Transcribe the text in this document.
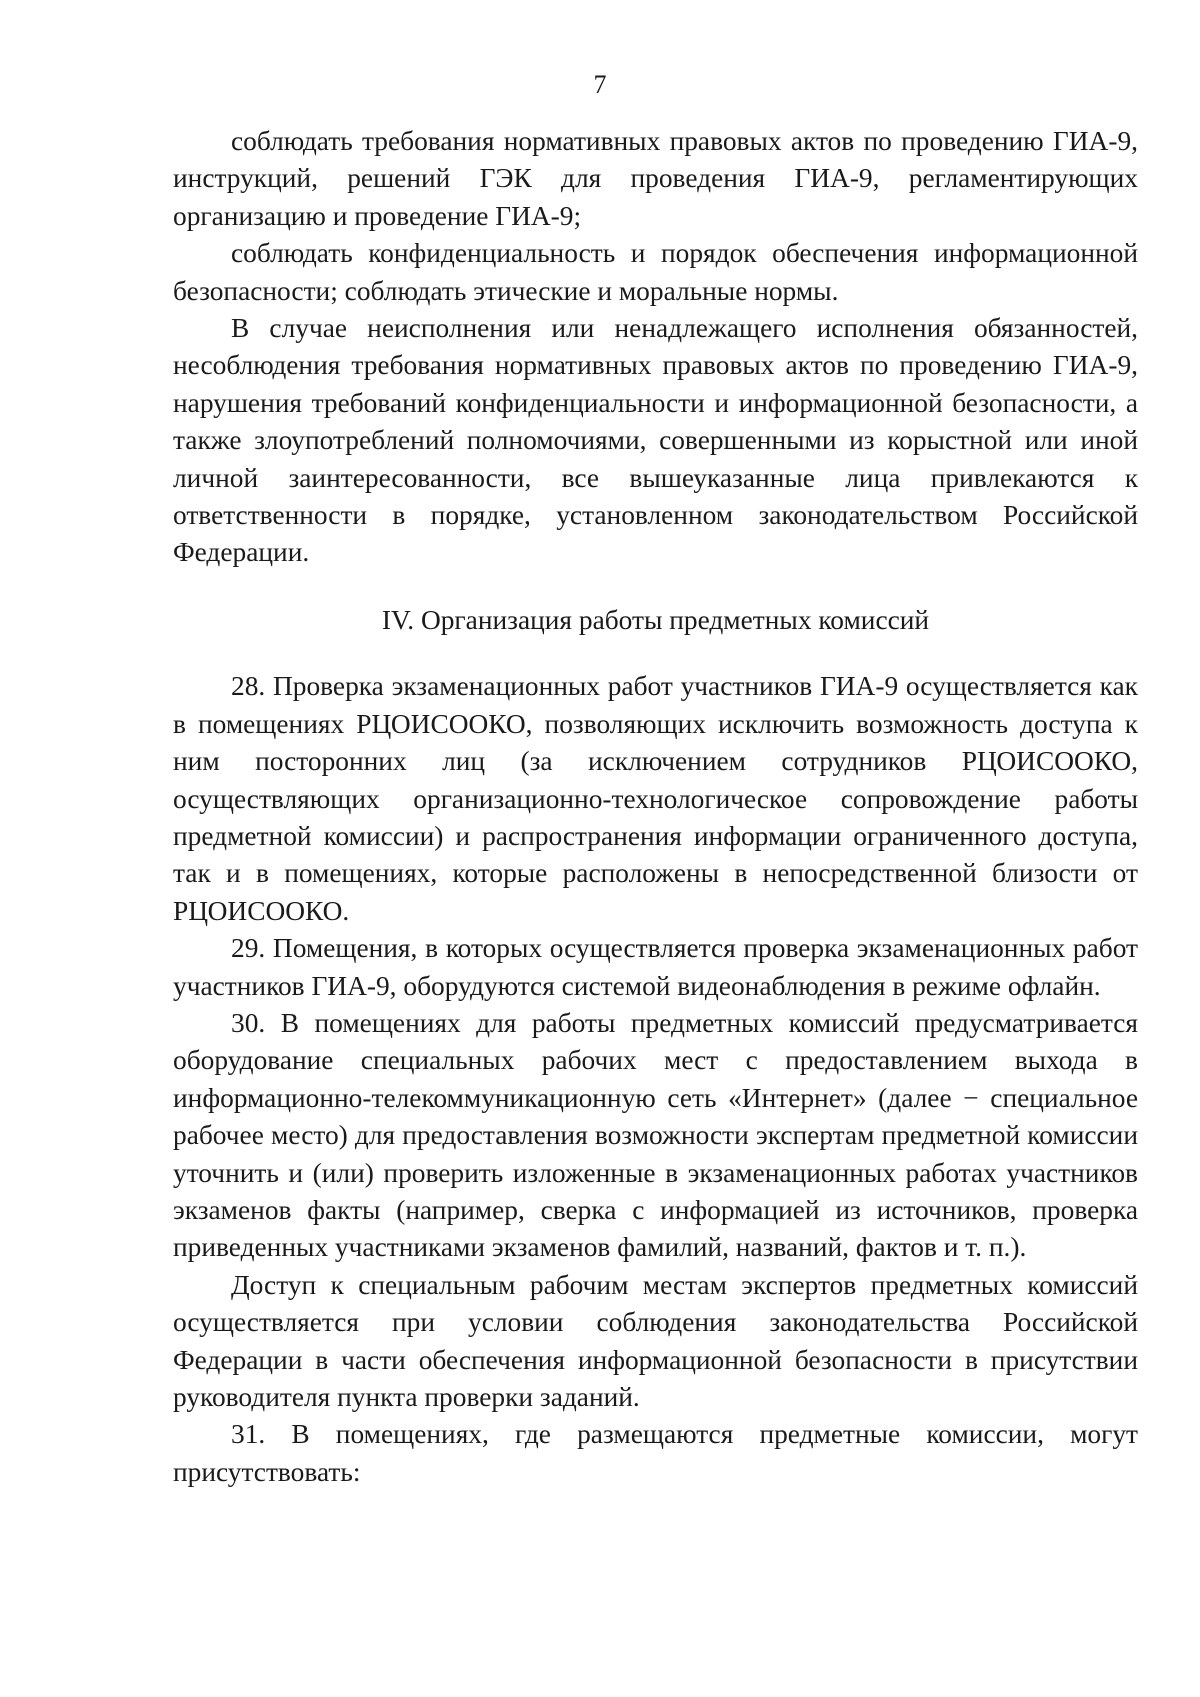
7

соблюдать требования нормативных правовых актов по проведению ГИА-9, инструкций, решений ГЭК для проведения ГИА-9, регламентирующих организацию и проведение ГИА-9;

соблюдать конфиденциальность и порядок обеспечения информационной безопасности; соблюдать этические и моральные нормы.

В случае неисполнения или ненадлежащего исполнения обязанностей, несоблюдения требования нормативных правовых актов по проведению ГИА-9, нарушения требований конфиденциальности и информационной безопасности, а также злоупотреблений полномочиями, совершенными из корыстной или иной личной заинтересованности, все вышеуказанные лица привлекаются к ответственности в порядке, установленном законодательством Российской Федерации.

IV. Организация работы предметных комиссий

28. Проверка экзаменационных работ участников ГИА-9 осуществляется как в помещениях РЦОИСООКО, позволяющих исключить возможность доступа к ним посторонних лиц (за исключением сотрудников РЦОИСООКО, осуществляющих организационно-технологическое сопровождение работы предметной комиссии) и распространения информации ограниченного доступа, так и в помещениях, которые расположены в непосредственной близости от РЦОИСООКО.

29. Помещения, в которых осуществляется проверка экзаменационных работ участников ГИА-9, оборудуются системой видеонаблюдения в режиме офлайн.

30. В помещениях для работы предметных комиссий предусматривается оборудование специальных рабочих мест с предоставлением выхода в информационно-телекоммуникационную сеть «Интернет» (далее − специальное рабочее место) для предоставления возможности экспертам предметной комиссии уточнить и (или) проверить изложенные в экзаменационных работах участников экзаменов факты (например, сверка с информацией из источников, проверка приведенных участниками экзаменов фамилий, названий, фактов и т. п.).

Доступ к специальным рабочим местам экспертов предметных комиссий осуществляется при условии соблюдения законодательства Российской Федерации в части обеспечения информационной безопасности в присутствии руководителя пункта проверки заданий.

31. В помещениях, где размещаются предметные комиссии, могут присутствовать:
